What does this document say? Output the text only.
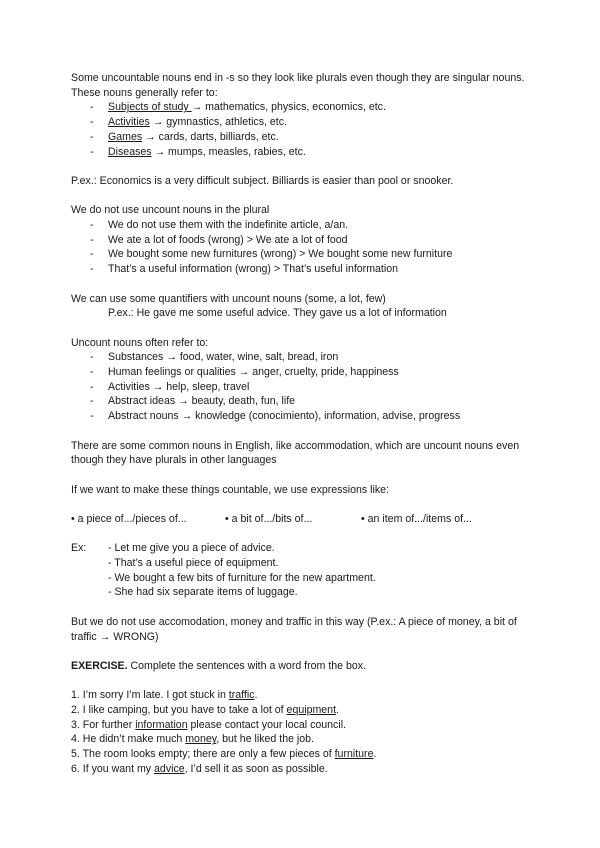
Some uncountable nouns end in -s so they look like plurals even though they are singular nouns. These nouns generally refer to:

- Subjects of study → mathematics, physics, economics, etc.
- Activities → gymnastics, athletics, etc.
- Games → cards, darts, billiards, etc.
- Diseases → mumps, measles, rabies, etc.

P.ex.: Economics is a very difficult subject. Billiards is easier than pool or snooker.

We do not use uncount nouns in the plural

- We do not use them with the indefinite article, a/an.
- We ate a lot of foods (wrong) > We ate a lot of food
- We bought some new furnitures (wrong) > We bought some new furniture
- That’s a useful information (wrong) > That’s useful information

We can use some quantifiers with uncount nouns (some, a lot, few)

P.ex.: He gave me some useful advice. They gave us a lot of information

Uncount nouns often refer to:

- Substances → food, water, wine, salt, bread, iron
- Human feelings or qualities → anger, cruelty, pride, happiness
- Activities → help, sleep, travel
- Abstract ideas → beauty, death, fun, life
- Abstract nouns → knowledge (conocimiento), information, advise, progress

There are some common nouns in English, like accommodation, which are uncount nouns even though they have plurals in other languages

If we want to make these things countable, we use expressions like:

• a piece of.../pieces of...	• a bit of.../bits of...	• an item of.../items of...
Ex:	- Let me give you a piece of advice.
- That’s a useful piece of equipment.
- We bought a few bits of furniture for the new apartment.
- She had six separate items of luggage.

But we do not use accomodation, money and traffic in this way (P.ex.: A piece of money, a bit of traffic → WRONG)

EXERCISE. Complete the sentences with a word from the box.

1. I’m sorry I’m late. I got stuck in traffic.
2. I like camping, but you have to take a lot of equipment.
3. For further information please contact your local council.
4. He didn’t make much money, but he liked the job.
5. The room looks empty; there are only a few pieces of furniture.
6. If you want my advice, I’d sell it as soon as possible.
